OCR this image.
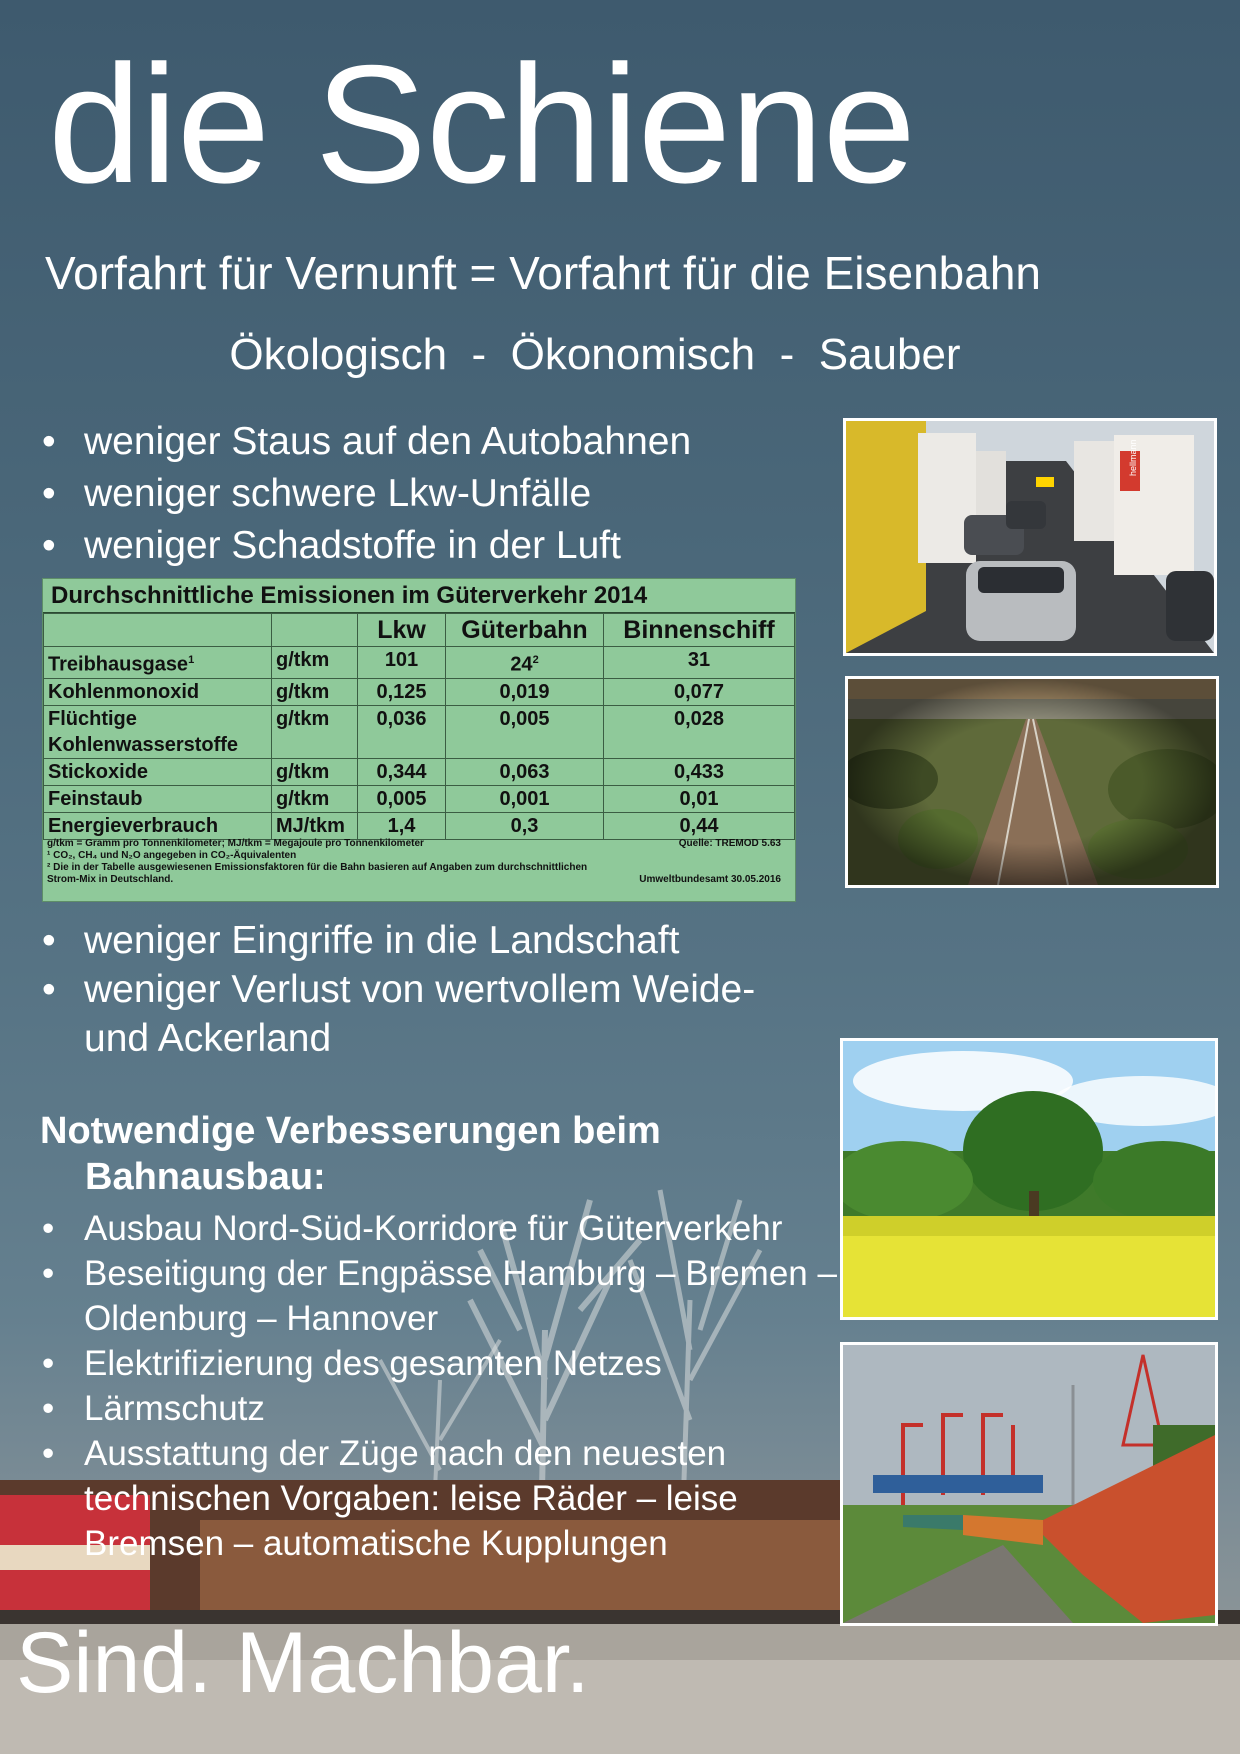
die Schiene
Vorfahrt für Vernunft = Vorfahrt für die Eisenbahn
Ökologisch  -  Ökonomisch  -  Sauber
• weniger Staus auf den Autobahnen
• weniger schwere Lkw-Unfälle
• weniger Schadstoffe in der Luft
Durchschnittliche Emissionen im Güterverkehr 2014
		Lkw	Güterbahn	Binnenschiff
Treibhausgase$^1$	g/tkm	101	$24^2$	31
Kohlenmonoxid	g/tkm	0,125	0,019	0,077
Flüchtige Kohlenwasserstoffe	g/tkm	0,036	0,005	0,028
Stickoxide	g/tkm	0,344	0,063	0,433
Feinstaub	g/tkm	0,005	0,001	0,01
Energieverbrauch	MJ/tkm	1,4	0,3	0,44
g/tkm = Gramm pro Tonnenkilometer; MJ/tkm = Megajoule pro Tonnenkilometer	Quelle: TREMOD 5.63
¹ CO₂, CH₄ und N₂O angegeben in CO₂-Äquivalenten
² Die in der Tabelle ausgewiesenen Emissionsfaktoren für die Bahn basieren auf Angaben zum durchschnittlichen
Strom-Mix in Deutschland.	Umweltbundesamt 30.05.2016
• weniger Eingriffe in die Landschaft
• weniger Verlust von wertvollem Weide- und Ackerland
Notwendige Verbesserungen beim
Bahnausbau:
• Ausbau Nord-Süd-Korridore für Güterverkehr
• Beseitigung der Engpässe Hamburg – Bremen – Oldenburg – Hannover
• Elektrifizierung des gesamten Netzes
• Lärmschutz
• Ausstattung der Züge nach den neuesten technischen Vorgaben: leise Räder – leise Bremsen – automatische Kupplungen
hellmann
Sind. Machbar.
